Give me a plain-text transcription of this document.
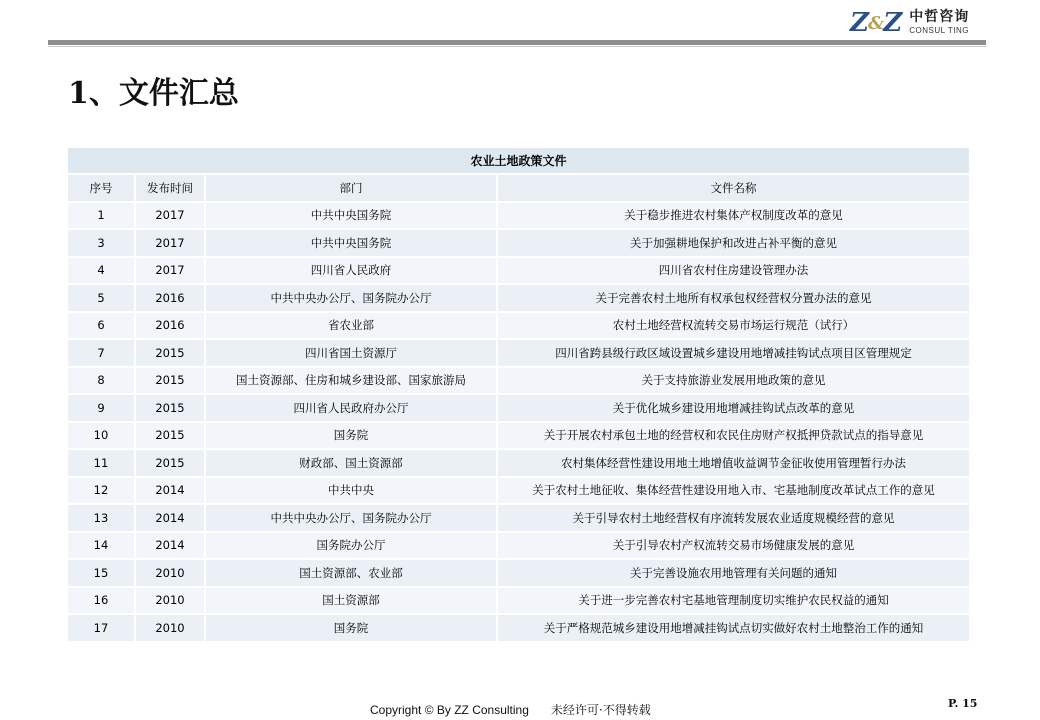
Z&Z 中哲咨询
CONSUL TING
1、文件汇总
农业土地政策文件			
序号	发布时间	部门	文件名称
1	2017	中共中央国务院	关于稳步推进农村集体产权制度改革的意见
3	2017	中共中央国务院	关于加强耕地保护和改进占补平衡的意见
4	2017	四川省人民政府	四川省农村住房建设管理办法
5	2016	中共中央办公厅、国务院办公厅	关于完善农村土地所有权承包权经营权分置办法的意见
6	2016	省农业部	农村土地经营权流转交易市场运行规范（试行）
7	2015	四川省国土资源厅	四川省跨县级行政区域设置城乡建设用地增减挂钩试点项目区管理规定
8	2015	国土资源部、住房和城乡建设部、国家旅游局	关于支持旅游业发展用地政策的意见
9	2015	四川省人民政府办公厅	关于优化城乡建设用地增减挂钩试点改革的意见
10	2015	国务院	关于开展农村承包土地的经营权和农民住房财产权抵押贷款试点的指导意见
11	2015	财政部、国土资源部	农村集体经营性建设用地土地增值收益调节金征收使用管理暂行办法
12	2014	中共中央	关于农村土地征收、集体经营性建设用地入市、宅基地制度改革试点工作的意见
13	2014	中共中央办公厅、国务院办公厅	关于引导农村土地经营权有序流转发展农业适度规模经营的意见
14	2014	国务院办公厅	关于引导农村产权流转交易市场健康发展的意见
15	2010	国土资源部、农业部	关于完善设施农用地管理有关问题的通知
16	2010	国土资源部	关于进一步完善农村宅基地管理制度切实维护农民权益的通知
17	2010	国务院	关于严格规范城乡建设用地增减挂钩试点切实做好农村土地整治工作的通知
Copyright © By ZZ Consulting 未经许可·不得转载	P. 15
